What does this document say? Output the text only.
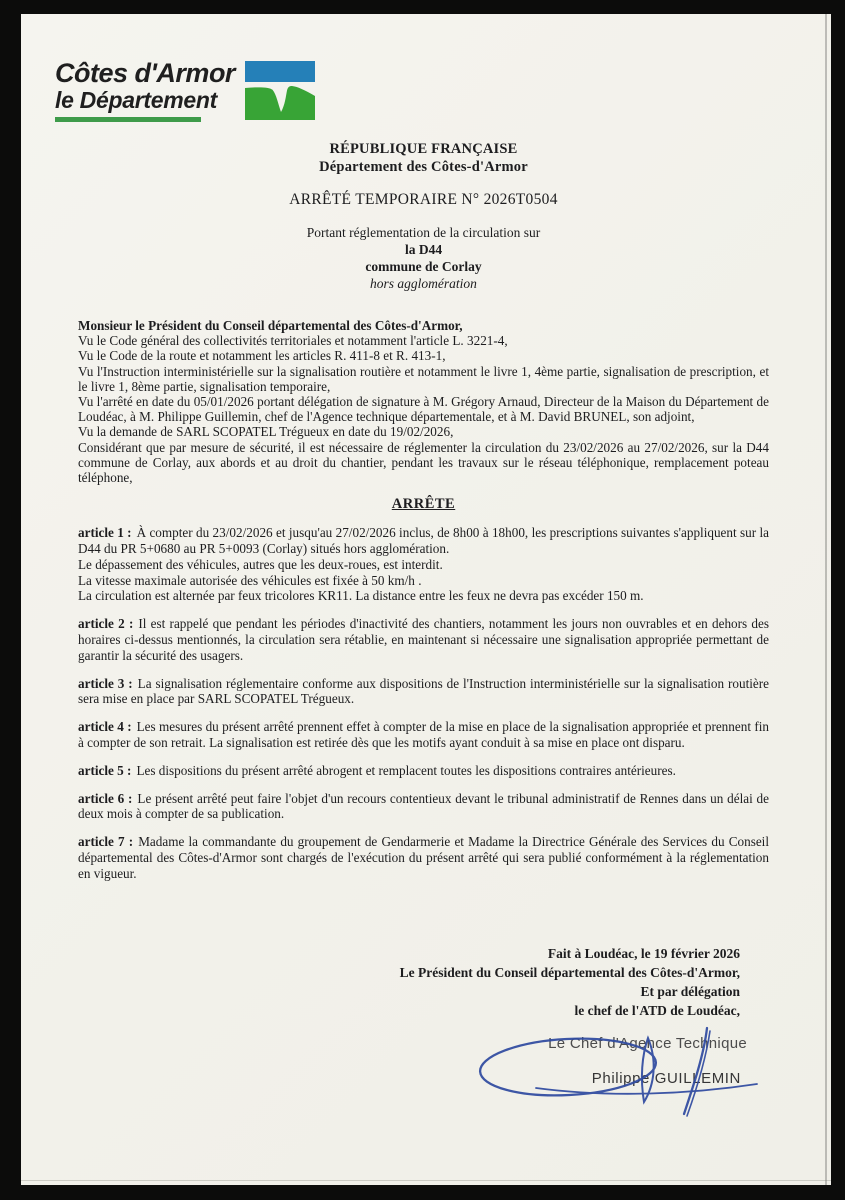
Côtes d'Armor
le Département
RÉPUBLIQUE FRANÇAISE
Département des Côtes-d'Armor
ARRÊTÉ TEMPORAIRE N° 2026T0504
Portant réglementation de la circulation sur
la D44
commune de Corlay
hors agglomération

Monsieur le Président du Conseil départemental des Côtes-d'Armor,

Vu le Code général des collectivités territoriales et notamment l'article L. 3221-4,

Vu le Code de la route et notamment les articles R. 411-8 et R. 413-1,

Vu l'Instruction interministérielle sur la signalisation routière et notamment le livre 1, 4ème partie, signalisation de prescription, et le livre 1, 8ème partie, signalisation temporaire,

Vu l'arrêté en date du 05/01/2026 portant délégation de signature à M. Grégory Arnaud, Directeur de la Maison du Département de Loudéac, à M. Philippe Guillemin, chef de l'Agence technique départementale, et à M. David BRUNEL, son adjoint,

Vu la demande de SARL SCOPATEL Trégueux en date du 19/02/2026,

Considérant que par mesure de sécurité, il est nécessaire de réglementer la circulation du 23/02/2026 au 27/02/2026, sur la D44 commune de Corlay, aux abords et au droit du chantier, pendant les travaux sur le réseau téléphonique, remplacement poteau téléphone,

ARRÊTE

article 1 : À compter du 23/02/2026 et jusqu'au 27/02/2026 inclus, de 8h00 à 18h00, les prescriptions suivantes s'appliquent sur la D44 du PR 5+0680 au PR 5+0093 (Corlay) situés hors agglomération.
Le dépassement des véhicules, autres que les deux-roues, est interdit.
La vitesse maximale autorisée des véhicules est fixée à 50 km/h .
La circulation est alternée par feux tricolores KR11. La distance entre les feux ne devra pas excéder 150 m.

article 2 : Il est rappelé que pendant les périodes d'inactivité des chantiers, notamment les jours non ouvrables et en dehors des horaires ci-dessus mentionnés, la circulation sera rétablie, en maintenant si nécessaire une signalisation appropriée permettant de garantir la sécurité des usagers.

article 3 : La signalisation réglementaire conforme aux dispositions de l'Instruction interministérielle sur la signalisation routière sera mise en place par SARL SCOPATEL Trégueux.

article 4 : Les mesures du présent arrêté prennent effet à compter de la mise en place de la signalisation appropriée et prennent fin à compter de son retrait. La signalisation est retirée dès que les motifs ayant conduit à sa mise en place ont disparu.

article 5 : Les dispositions du présent arrêté abrogent et remplacent toutes les dispositions contraires antérieures.

article 6 : Le présent arrêté peut faire l'objet d'un recours contentieux devant le tribunal administratif de Rennes dans un délai de deux mois à compter de sa publication.

article 7 : Madame la commandante du groupement de Gendarmerie et Madame la Directrice Générale des Services du Conseil départemental des Côtes-d'Armor sont chargés de l'exécution du présent arrêté qui sera publié conformément à la réglementation en vigueur.

Fait à Loudéac, le 19 février 2026
Le Président du Conseil départemental des Côtes-d'Armor,
Et par délégation
le chef de l'ATD de Loudéac,
Le Chef d'Agence Technique
Philippe GUILLEMIN
